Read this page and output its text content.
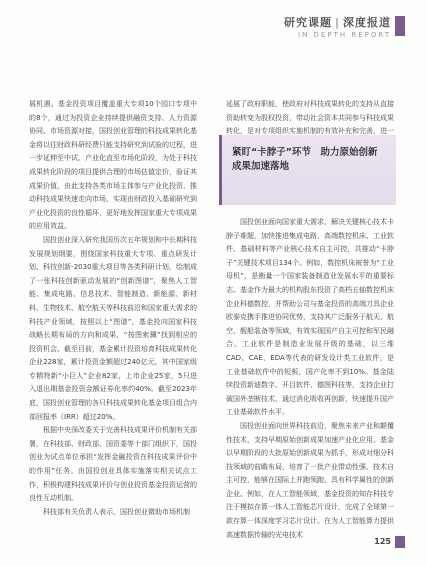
研究课题 | 深度报道
IN DEPTH REPORT

展机遇。基金投资项目覆盖重大专项10个园口专项中的8个，通过为投资企业持续提供融资支持、人力资源协同、市场资源对接，国投创业管理的科技成果转化基金将以往财政科研经费只能支持研究到试验的过程，进一步延伸至中试、产业化直至市场化阶段，为处于科技成果转化阶段的项目提供合理的市场估值定价，验证其成果价值，由此支持各类市场主体参与产业化投资，推动科技成果快速走向市场，实现由财政投入基础研究到产业化投资的良性循环，更好地发挥国家重大专项成果的应用效益。

国投创业深入研究我国历次五年规划和中长期科技发展规划纲要，围绕国家科技重大专项、重点研发计划、科技创新-2030重大项目等各类科研计划，绘制成了一张科技创新驱动发展的“创新图谱”，聚焦人工智能、集成电路、信息技术、智能制造、新能源、新材料、生物技术、航空航天等科技前沿和国家重大需求的科技产业领域，按照以上“图谱”，基金投向国家科技战略长期布局的方向和成果，“按图索骥”找到相应的投资机会。截至目前，基金累计投资培育科技成果转化企业228家，累计投资金额超过240亿元，其中国家级专精特新“小巨人”企业82家，上市企业25家，5只进入退出期基金投资金额证券化率约40%。截至2023年底，国投创业管理的各只科技成果转化基金项目组合内部回报率（IRR）超过20%。

根据中央深改委关于完善科技成果评价机制有关部署，在科技部、财政部、国资委等十部门组织下，国投创业为试点单位承担“发挥金融投资在科技成果评价中的作用”任务。由国投创业具体实施落实相关试点工作，积极构建科技成果评价与创业投资基金投资运营的良性互动机制。

科技部有关负责人表示，国投创业微助市场机制

延展了政府职能，使政府对科技成果转化的支持从直接资助转变为股权投资，带动社会资本共同参与科技成果转化，是对专项组织实施机制的有效补充和完善，进一

紧盯“卡脖子”环节　助力原始创新成果加速落地

国投创业面向国家重大需求，解决关键核心技术卡脖子难题，加快推进集成电路、高端数控机床、工业软件、基础材料等产业核心技术自主可控，共推动“卡脖子”关键技术项目134个。例如，数控机床被誉为“工业母机”，是衡量一个国家装备制造业发展水平的重要标志。基金作为最大的机构股东投资了高档五轴数控机床企业科德数控，并帮助公司与基金投资的高端刀具企业欧泰克携手推进协同优势，支持其广泛服务于航天、航空、舰船装备等领域，有效实现国产自主可控和军民融合。工业软件是制造业发展升级的基础，以三维CAD、CAE、EDA等代表的研发设计类工业软件，是工业基础软件中的短板，国产化率不到10%。基金陆续投资新迪数字、开目软件、德图科技等，支持企业打破国外垄断技术，通过消化吸收再创新，快速提升国产工业基础软件水平。

国投创业面向世界科技前沿，聚焦未来产业和颠覆性技术，支持早期原始创新成果加速产业化应用。基金以早期阶段的大批原始创新成果为抓手，形成对细分科技领域的前瞻布局，培育了一批产业带动性强、技术自主可控、能够在国际上并跑领跑、具有科学属性的创新企业。例如，在人工智能领域，基金投资的知存科技专注于模拟存算一体人工智能芯片设计，完成了全球第一款存算一体深度学习芯片设计。在为人工智能算力提供高速数据传输的光电技术

125
